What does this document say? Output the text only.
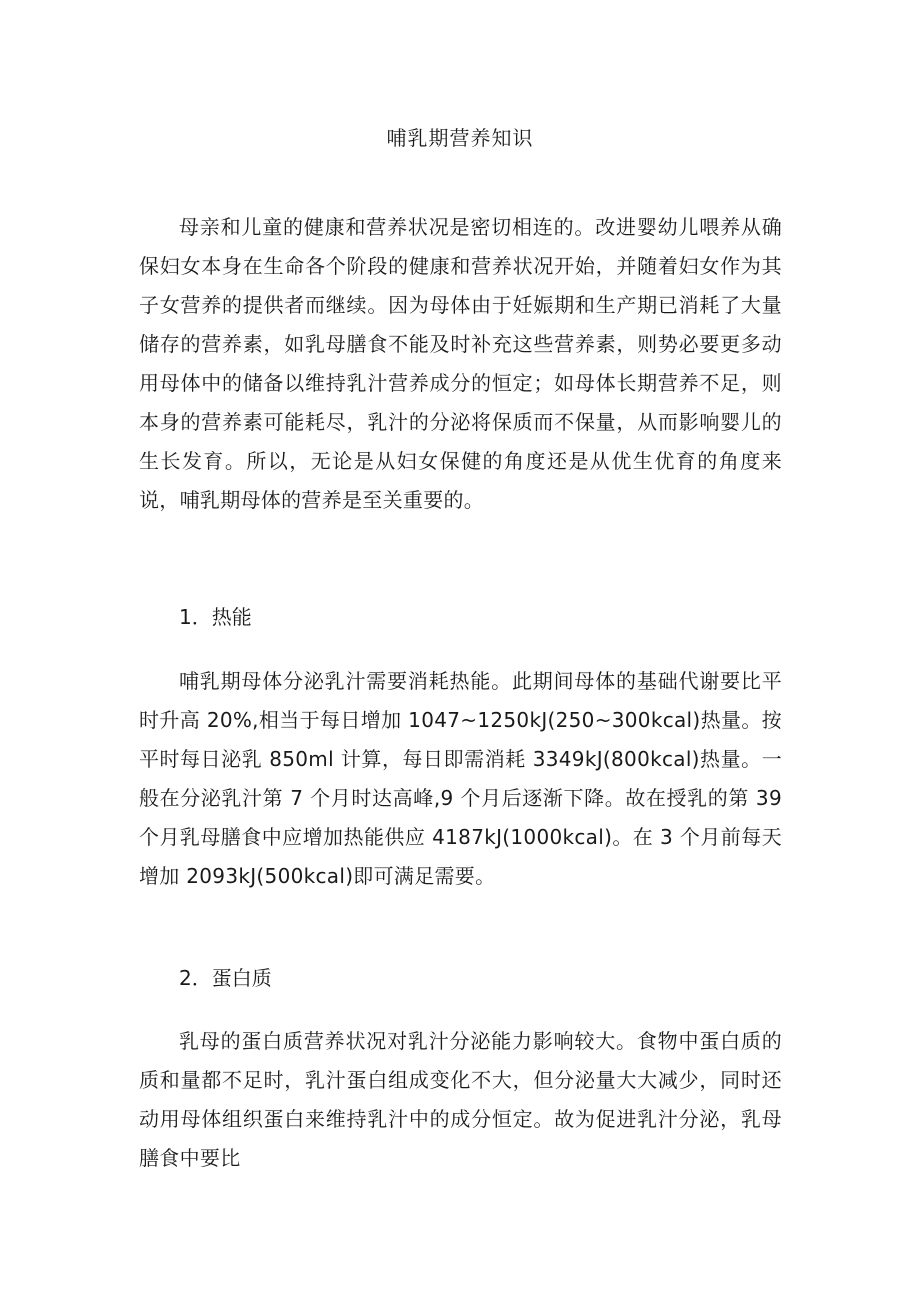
哺乳期营养知识

母亲和儿童的健康和营养状况是密切相连的。改进婴幼儿喂养从确保妇女本身在生命各个阶段的健康和营养状况开始，并随着妇女作为其子女营养的提供者而继续。因为母体由于妊娠期和生产期已消耗了大量储存的营养素，如乳母膳食不能及时补充这些营养素，则势必要更多动用母体中的储备以维持乳汁营养成分的恒定；如母体长期营养不足，则本身的营养素可能耗尽，乳汁的分泌将保质而不保量，从而影响婴儿的生长发育。所以，无论是从妇女保健的角度还是从优生优育的角度来说，哺乳期母体的营养是至关重要的。

1．热能

哺乳期母体分泌乳汁需要消耗热能。此期间母体的基础代谢要比平时升高 20%,相当于每日增加 1047~1250kJ(250~300kcal)热量。按平时每日泌乳 850ml 计算，每日即需消耗 3349kJ(800kcal)热量。一般在分泌乳汁第 7 个月时达高峰,9 个月后逐渐下降。故在授乳的第 39 个月乳母膳食中应增加热能供应 4187kJ(1000kcal)。在 3 个月前每天增加 2093kJ(500kcal)即可满足需要。

2．蛋白质

乳母的蛋白质营养状况对乳汁分泌能力影响较大。食物中蛋白质的质和量都不足时，乳汁蛋白组成变化不大，但分泌量大大减少，同时还动用母体组织蛋白来维持乳汁中的成分恒定。故为促进乳汁分泌，乳母膳食中要比
